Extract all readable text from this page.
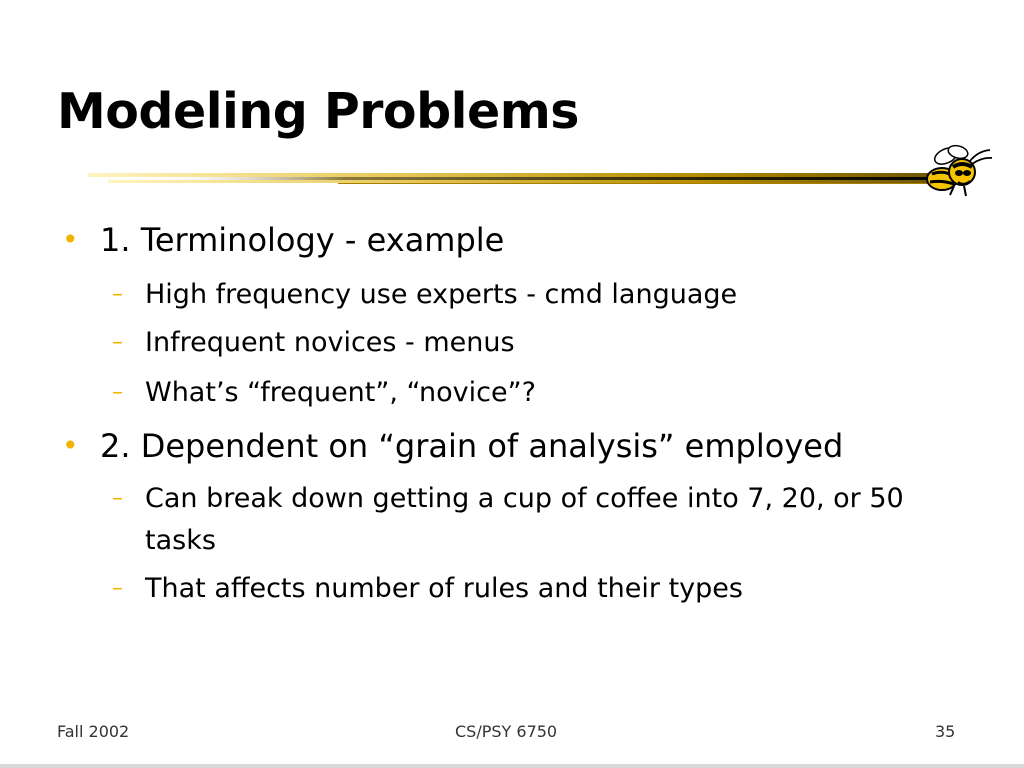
Modeling Problems
• 1. Terminology - example
– High frequency use experts - cmd language
– Infrequent novices - menus
– What’s “frequent”, “novice”?
• 2. Dependent on “grain of analysis” employed
– Can break down getting a cup of coffee into 7, 20, or 50 tasks
– That affects number of rules and their types
Fall 2002	CS/PSY 6750	35
